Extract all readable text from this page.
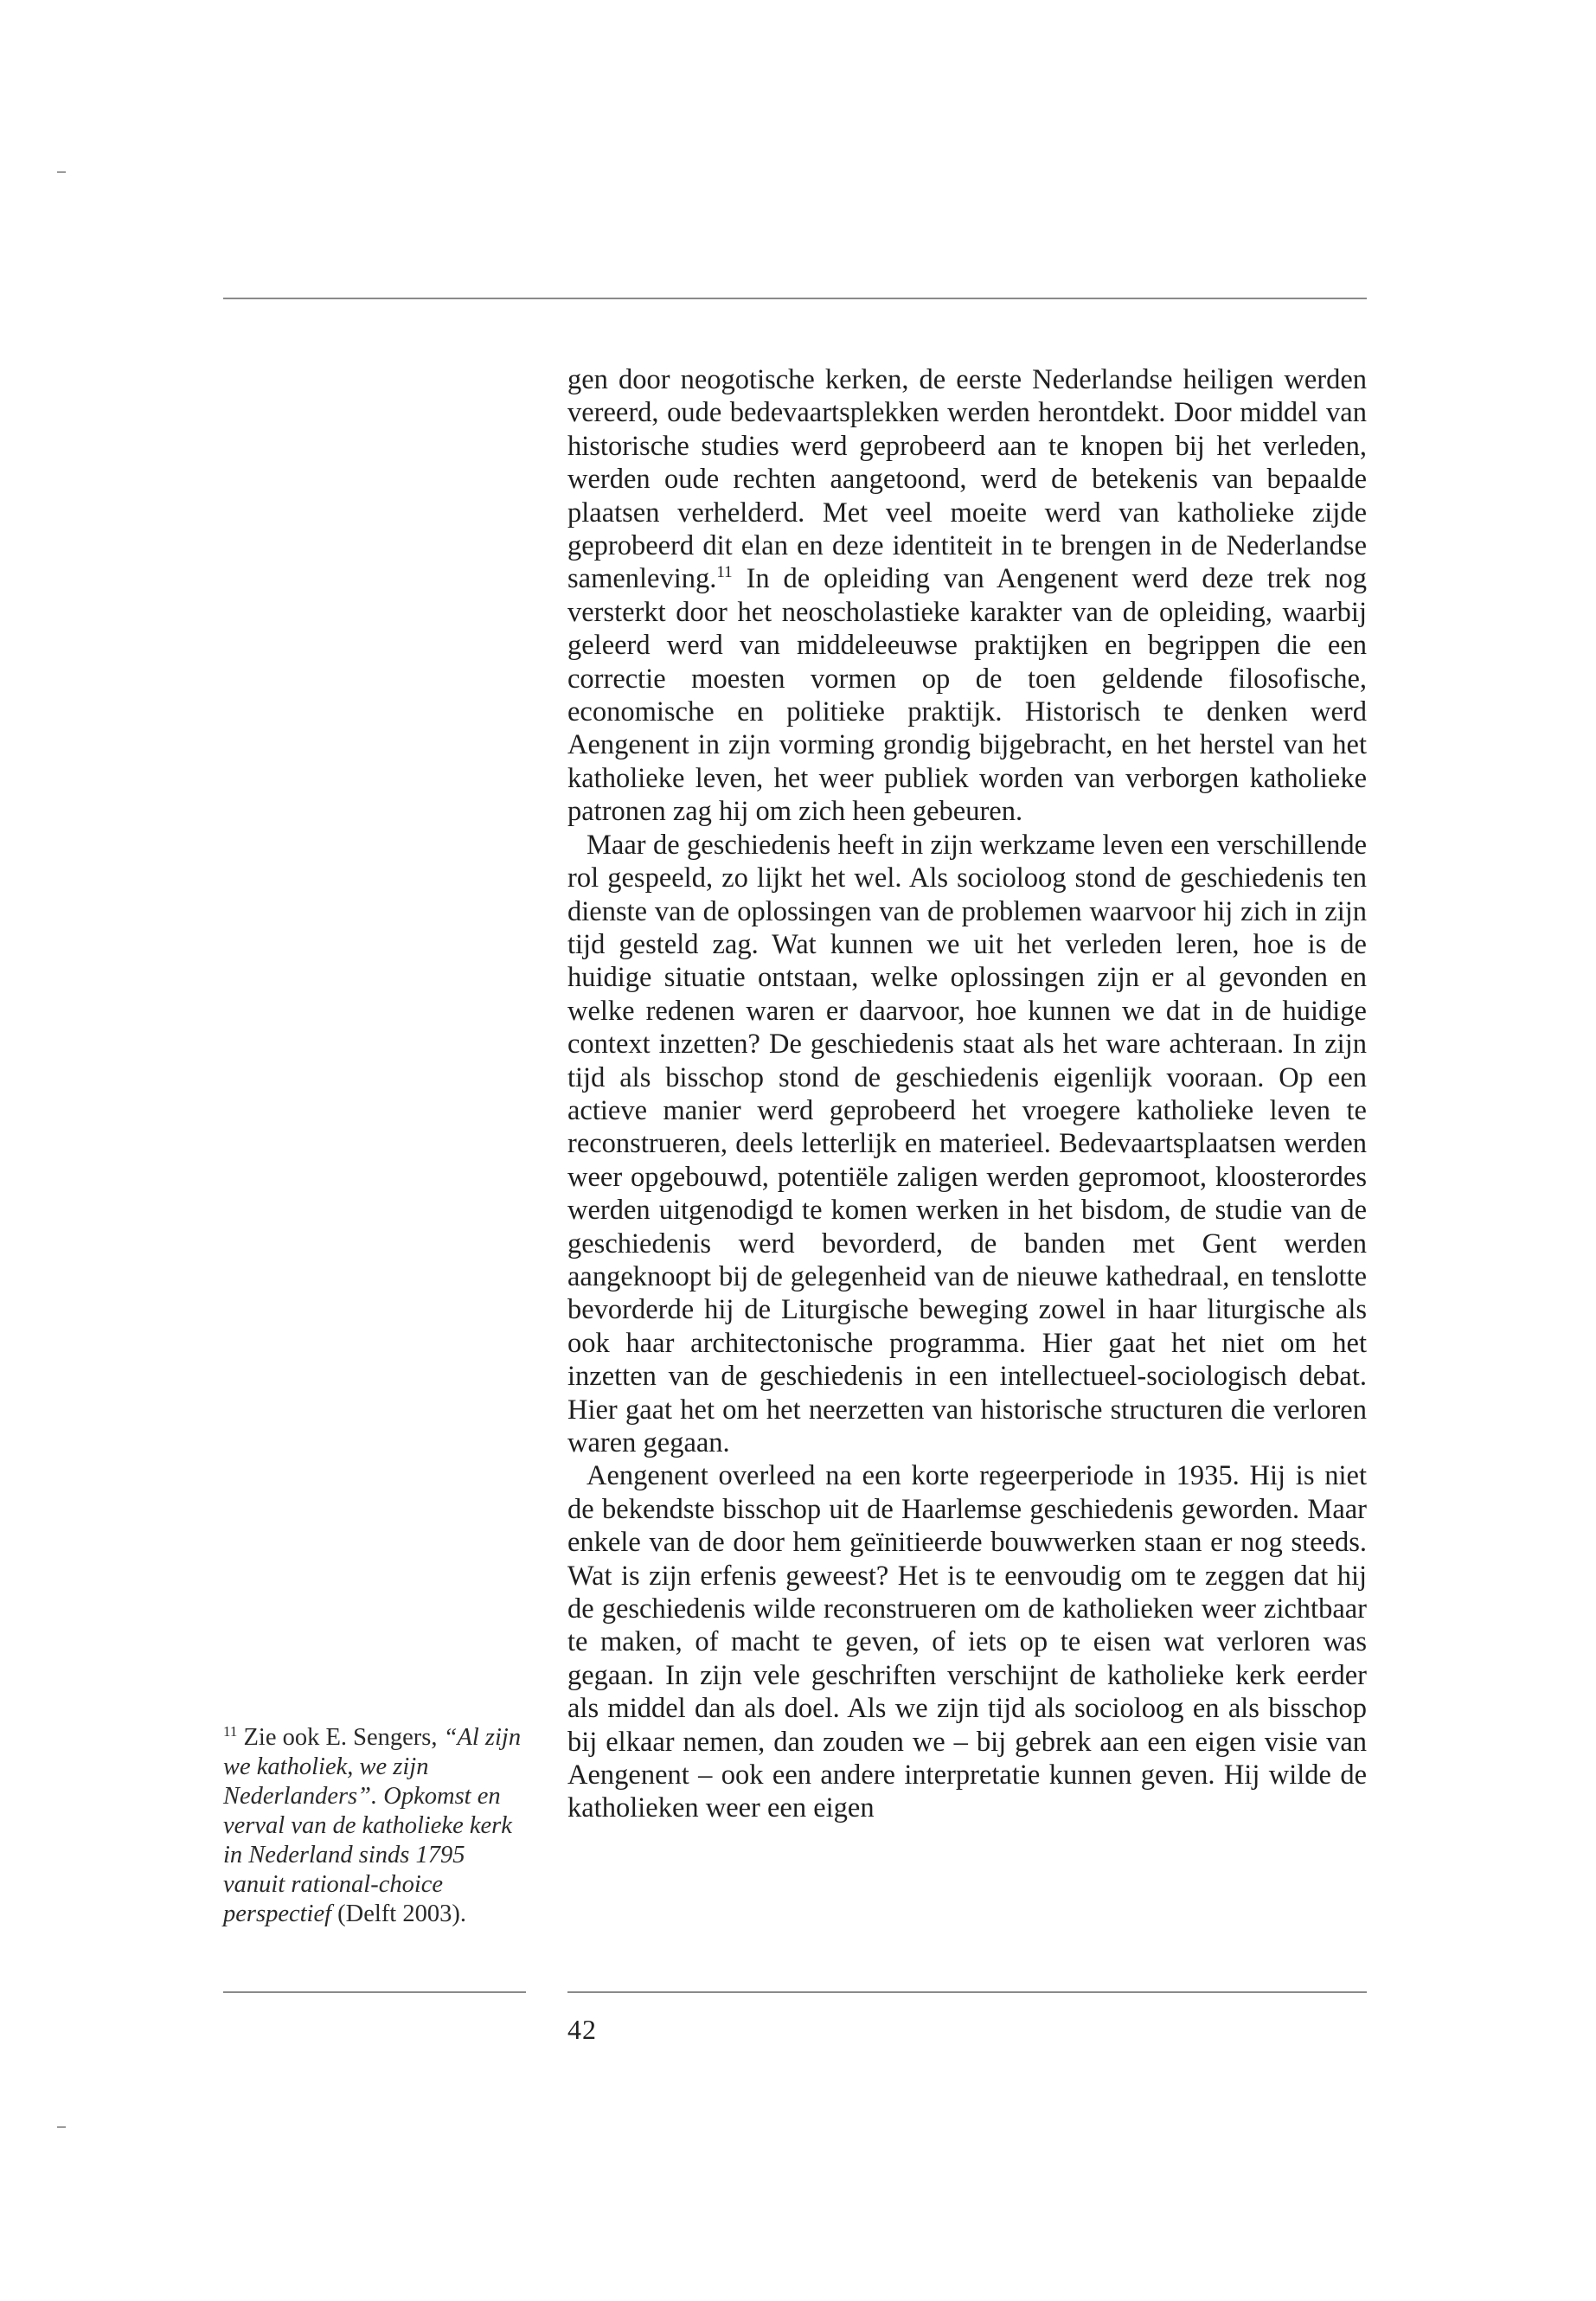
gen door neogotische kerken, de eerste Nederlandse heiligen werden vereerd, oude bedevaartsplekken werden herontdekt. Door middel van historische studies werd geprobeerd aan te knopen bij het verleden, werden oude rechten aangetoond, werd de betekenis van bepaalde plaatsen verhelderd. Met veel moeite werd van katholieke zijde geprobeerd dit elan en deze identiteit in te brengen in de Nederlandse samenleving.$^{11}$ In de opleiding van Aengenent werd deze trek nog versterkt door het neoscholastieke karakter van de opleiding, waarbij geleerd werd van middeleeuwse praktijken en begrippen die een correctie moesten vormen op de toen geldende filosofische, economische en politieke praktijk. Historisch te denken werd Aengenent in zijn vorming grondig bijgebracht, en het herstel van het katholieke leven, het weer publiek worden van verborgen katholieke patronen zag hij om zich heen gebeuren.

Maar de geschiedenis heeft in zijn werkzame leven een verschillende rol gespeeld, zo lijkt het wel. Als socioloog stond de geschiedenis ten dienste van de oplossingen van de problemen waarvoor hij zich in zijn tijd gesteld zag. Wat kunnen we uit het verleden leren, hoe is de huidige situatie ontstaan, welke oplossingen zijn er al gevonden en welke redenen waren er daarvoor, hoe kunnen we dat in de huidige context inzetten? De geschiedenis staat als het ware achteraan. In zijn tijd als bisschop stond de geschiedenis eigenlijk vooraan. Op een actieve manier werd geprobeerd het vroegere katholieke leven te reconstrueren, deels letterlijk en materieel. Bedevaartsplaatsen werden weer opgebouwd, potentiële zaligen werden gepromoot, kloosterordes werden uitgenodigd te komen werken in het bisdom, de studie van de geschiedenis werd bevorderd, de banden met Gent werden aangeknoopt bij de gelegenheid van de nieuwe kathedraal, en tenslotte bevorderde hij de Liturgische beweging zowel in haar liturgische als ook haar architectonische programma. Hier gaat het niet om het inzetten van de geschiedenis in een intellectueel-sociologisch debat. Hier gaat het om het neerzetten van historische structuren die verloren waren gegaan.

Aengenent overleed na een korte regeerperiode in 1935. Hij is niet de bekendste bisschop uit de Haarlemse geschiedenis geworden. Maar enkele van de door hem geïnitieerde bouwwerken staan er nog steeds. Wat is zijn erfenis geweest? Het is te eenvoudig om te zeggen dat hij de geschiedenis wilde reconstrueren om de katholieken weer zichtbaar te maken, of macht te geven, of iets op te eisen wat verloren was gegaan. In zijn vele geschriften verschijnt de katholieke kerk eerder als middel dan als doel. Als we zijn tijd als socioloog en als bisschop bij elkaar nemen, dan zouden we – bij gebrek aan een eigen visie van Aengenent – ook een andere interpretatie kunnen geven. Hij wilde de katholieken weer een eigen

$^{11}$ Zie ook E. Sengers, “Al zijn we katholiek, we zijn Nederlanders”. Opkomst en verval van de katholieke kerk in Nederland sinds 1795 vanuit rational-choice perspectief (Delft 2003).
42
